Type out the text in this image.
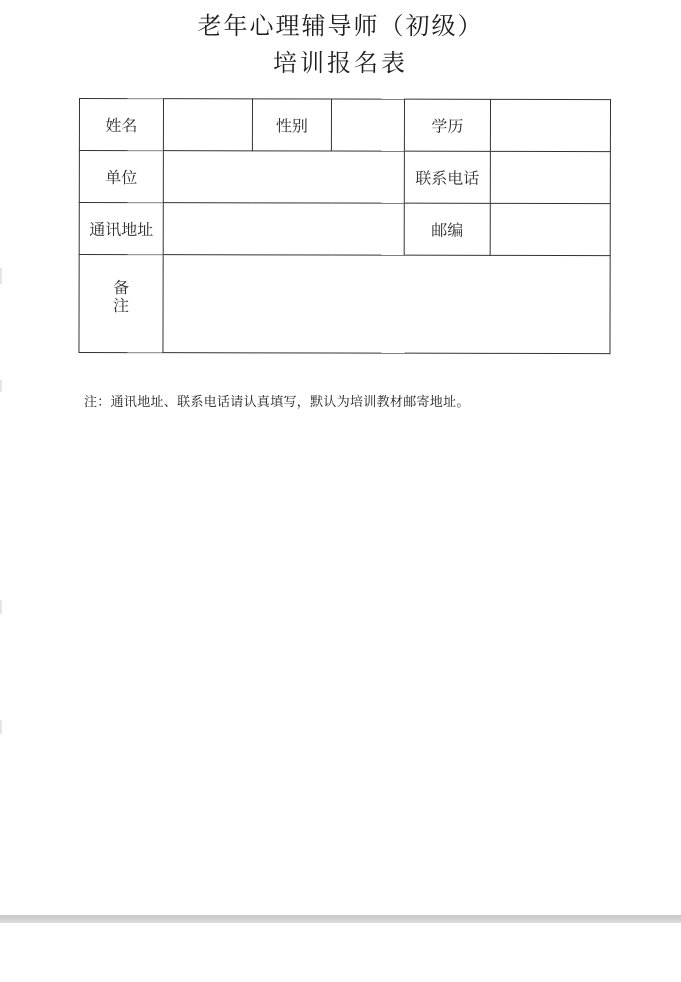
老年心理辅导师（初级）
培训报名表
姓名		性别		学历	
单位				联系电话	
通讯地址				邮编	
备
注					
注：通讯地址、联系电话请认真填写，默认为培训教材邮寄地址。
